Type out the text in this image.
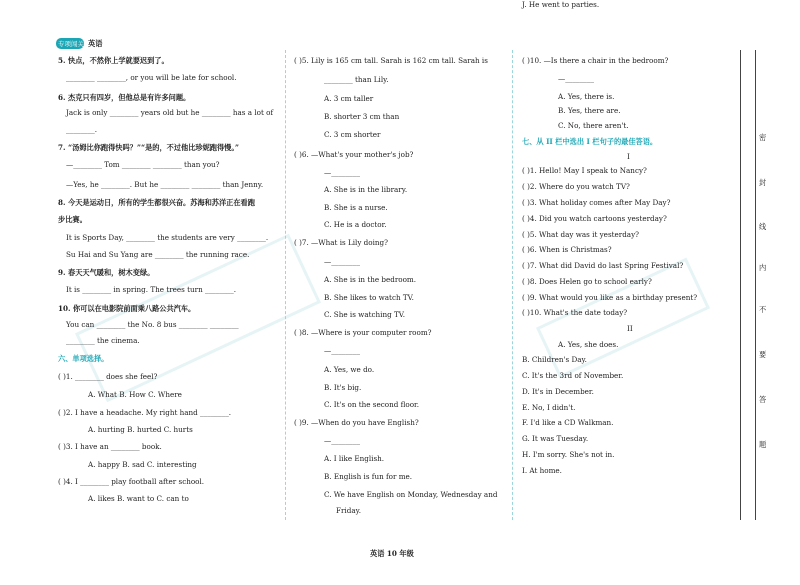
专项闯关 英语
5. 快点，不然你上学就要迟到了。
________ ________, or you will be late for school.
6. 杰克只有四岁，但他总是有许多问题。
Jack is only ________ years old but he ________ has a lot of
________.
7. “汤姆比你跑得快吗？”“是的，不过他比珍妮跑得慢。”
—________ Tom ________ ________ than you?
—Yes, he ________. But he ________ ________ than Jenny.
8. 今天是运动日，所有的学生都很兴奋。苏海和苏洋正在看跑
步比赛。
It is Sports Day, ________ the students are very ________.
Su Hai and Su Yang are ________ the running race.
9. 春天天气暖和，树木变绿。
It is ________ in spring. The trees turn ________.
10. 你可以在电影院前面乘八路公共汽车。
You can ________ the No. 8 bus ________ ________
________ the cinema.
六、单项选择。
( )1. ________ does she feel?
A. What B. How C. Where
( )2. I have a headache. My right hand ________.
A. hurting B. hurted C. hurts
( )3. I have an ________ book.
A. happy B. sad C. interesting
( )4. I ________ play football after school.
A. likes B. want to C. can to
( )5. Lily is 165 cm tall. Sarah is 162 cm tall. Sarah is
________ than Lily.
A. 3 cm taller
B. shorter 3 cm than
C. 3 cm shorter
( )6. —What's your mother's job?
—________
A. She is in the library.
B. She is a nurse.
C. He is a doctor.
( )7. —What is Lily doing?
—________
A. She is in the bedroom.
B. She likes to watch TV.
C. She is watching TV.
( )8. —Where is your computer room?
—________
A. Yes, we do.
B. It's big.
C. It's on the second floor.
( )9. —When do you have English?
—________
A. I like English.
B. English is fun for me.
C. We have English on Monday, Wednesday and
Friday.
( )10. —Is there a chair in the bedroom?
—________
A. Yes, there is.
B. Yes, there are.
C. No, there aren't.
七、从 II 栏中选出 I 栏句子的最佳答语。
I
( )1. Hello! May I speak to Nancy?
( )2. Where do you watch TV?
( )3. What holiday comes after May Day?
( )4. Did you watch cartoons yesterday?
( )5. What day was it yesterday?
( )6. When is Christmas?
( )7. What did David do last Spring Festival?
( )8. Does Helen go to school early?
( )9. What would you like as a birthday present?
( )10. What's the date today?
II
A. Yes, she does.
B. Children's Day.
C. It's the 3rd of November.
D. It's in December.
E. No, I didn't.
F. I'd like a CD Walkman.
G. It was Tuesday.
H. I'm sorry. She's not in.
I. At home.
J. He went to parties.
密
封
线
内
不
要
答
题
英语 10 年级
